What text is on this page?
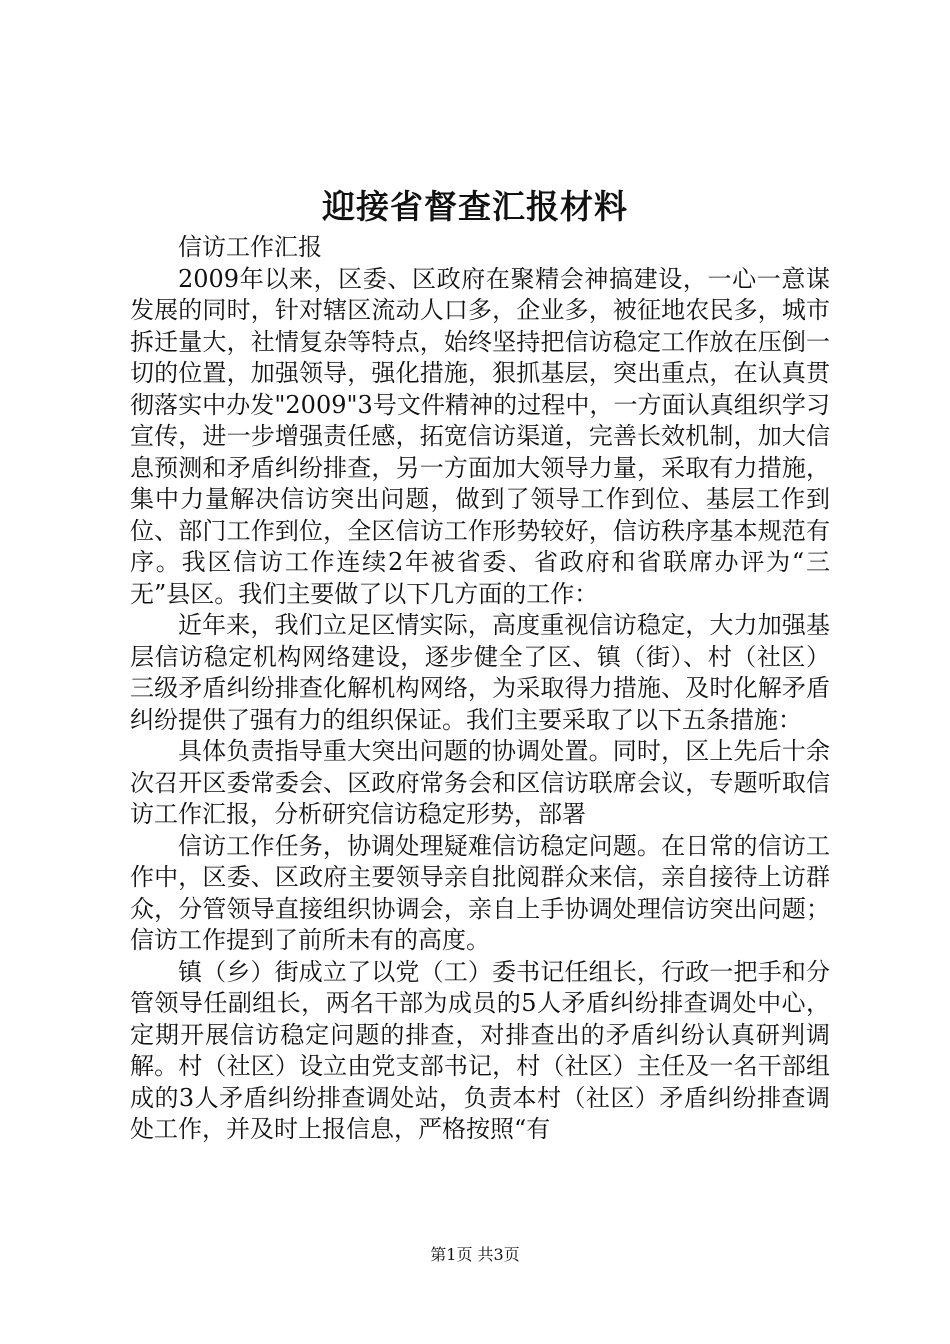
迎接省督查汇报材料

信访工作汇报

2009年以来，区委、区政府在聚精会神搞建设，一心一意谋发展的同时，针对辖区流动人口多，企业多，被征地农民多，城市拆迁量大，社情复杂等特点，始终坚持把信访稳定工作放在压倒一切的位置，加强领导，强化措施，狠抓基层，突出重点，在认真贯彻落实中办发"2009"3号文件精神的过程中，一方面认真组织学习宣传，进一步增强责任感，拓宽信访渠道，完善长效机制，加大信息预测和矛盾纠纷排查，另一方面加大领导力量，采取有力措施，集中力量解决信访突出问题，做到了领导工作到位、基层工作到位、部门工作到位，全区信访工作形势较好，信访秩序基本规范有序。我区信访工作连续2年被省委、省政府和省联席办评为“三无”县区。我们主要做了以下几方面的工作：

近年来，我们立足区情实际，高度重视信访稳定，大力加强基层信访稳定机构网络建设，逐步健全了区、镇（街）、村（社区）三级矛盾纠纷排查化解机构网络，为采取得力措施、及时化解矛盾纠纷提供了强有力的组织保证。我们主要采取了以下五条措施：

具体负责指导重大突出问题的协调处置。同时，区上先后十余次召开区委常委会、区政府常务会和区信访联席会议，专题听取信访工作汇报，分析研究信访稳定形势，部署

信访工作任务，协调处理疑难信访稳定问题。在日常的信访工作中，区委、区政府主要领导亲自批阅群众来信，亲自接待上访群众，分管领导直接组织协调会，亲自上手协调处理信访突出问题；信访工作提到了前所未有的高度。

镇（乡）街成立了以党（工）委书记任组长，行政一把手和分管领导任副组长，两名干部为成员的5人矛盾纠纷排查调处中心，定期开展信访稳定问题的排查，对排查出的矛盾纠纷认真研判调解。村（社区）设立由党支部书记，村（社区）主任及一名干部组成的3人矛盾纠纷排查调处站，负责本村（社区）矛盾纠纷排查调处工作，并及时上报信息，严格按照“有

第1页 共3页
